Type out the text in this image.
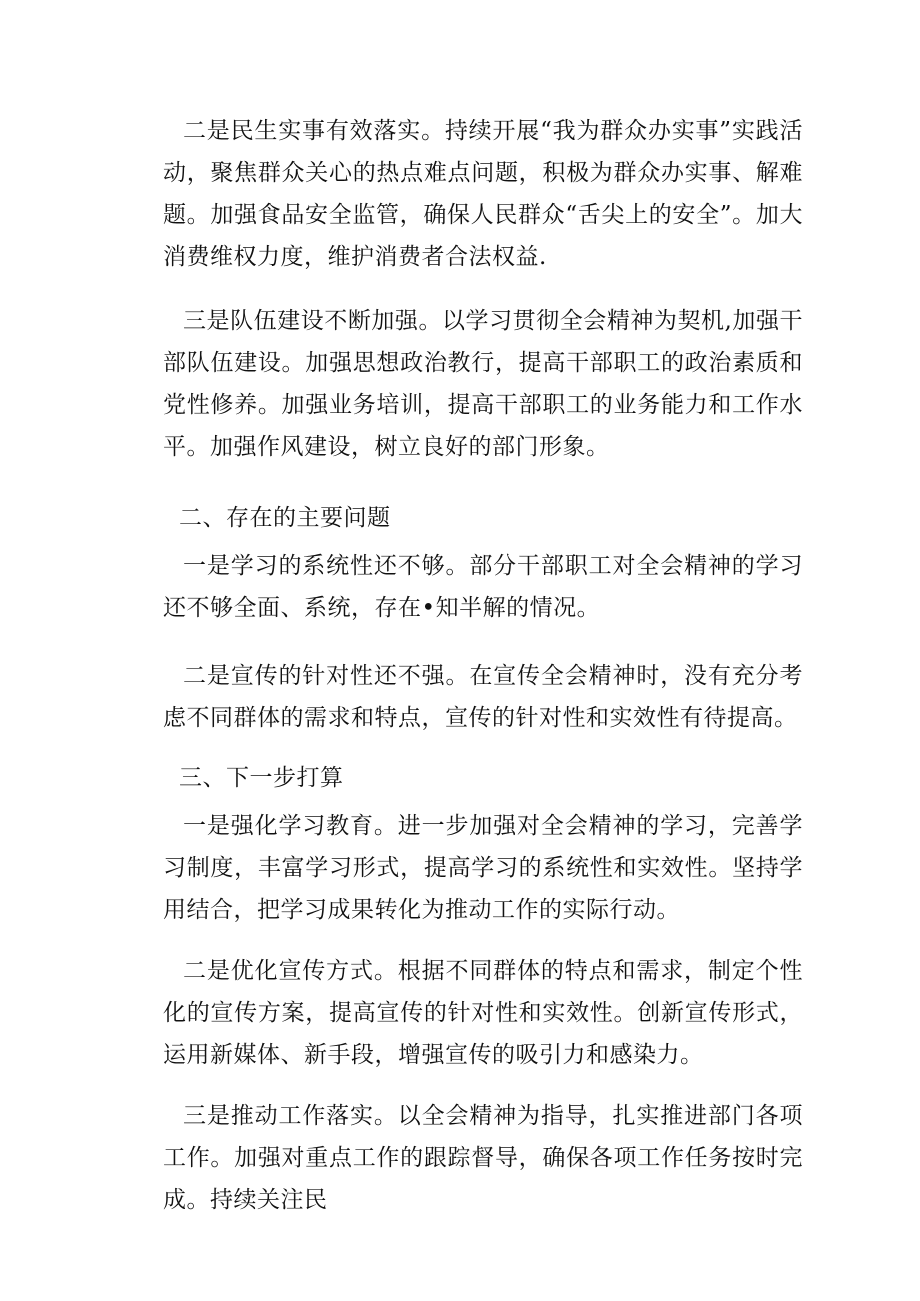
二是民生实事有效落实。持续开展“我为群众办实事”实践活动，聚焦群众关心的热点难点问题，积极为群众办实事、解难题。加强食品安全监管，确保人民群众“舌尖上的安全”。加大消费维权力度，维护消费者合法权益.

三是队伍建设不断加强。以学习贯彻全会精神为契机,加强干部队伍建设。加强思想政治教行，提高干部职工的政治素质和党性修养。加强业务培训，提高干部职工的业务能力和工作水平。加强作风建设，树立良好的部门形象。

二、存在的主要问题

一是学习的系统性还不够。部分干部职工对全会精神的学习还不够全面、系统，存在•知半解的情况。

二是宣传的针对性还不强。在宣传全会精神时，没有充分考虑不同群体的需求和特点，宣传的针对性和实效性有待提高。

三、下一步打算

一是强化学习教育。进一步加强对全会精神的学习，完善学习制度，丰富学习形式，提高学习的系统性和实效性。坚持学用结合，把学习成果转化为推动工作的实际行动。

二是优化宣传方式。根据不同群体的特点和需求，制定个性化的宣传方案，提高宣传的针对性和实效性。创新宣传形式，运用新媒体、新手段，增强宣传的吸引力和感染力。

三是推动工作落实。以全会精神为指导，扎实推进部门各项工作。加强对重点工作的跟踪督导，确保各项工作任务按时完成。持续关注民
